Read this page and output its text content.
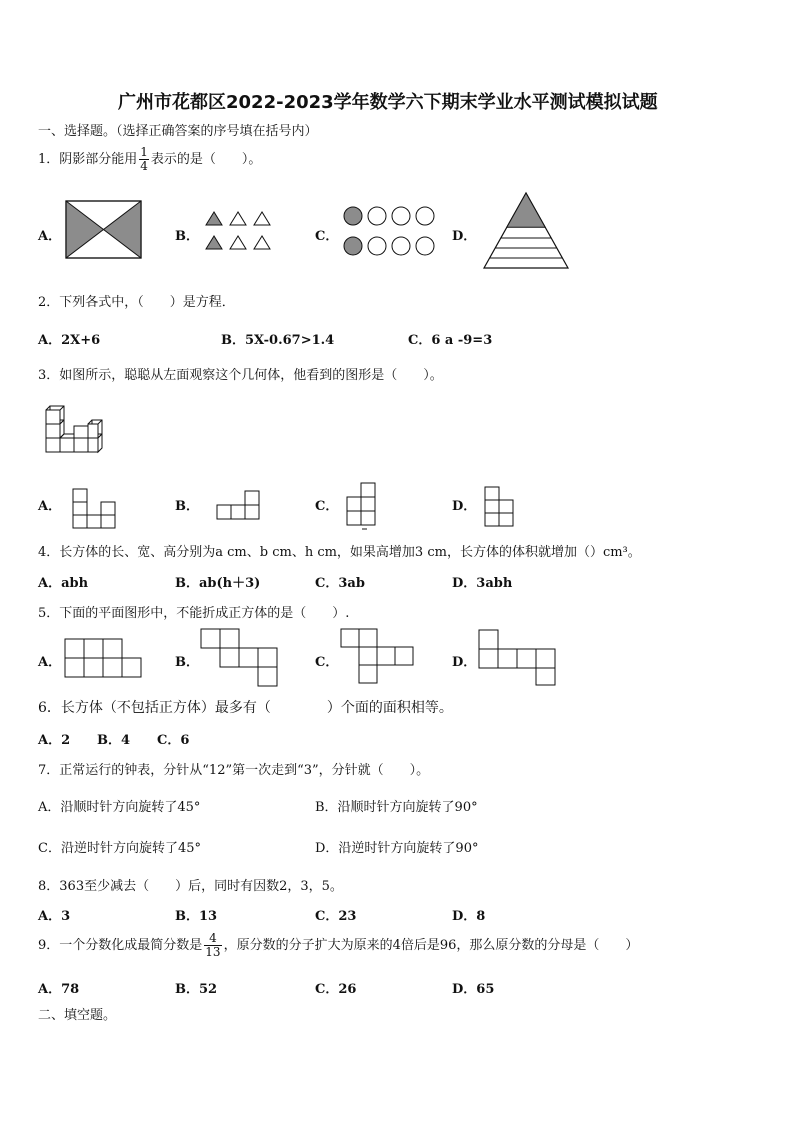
广州市花都区2022-2023学年数学六下期末学业水平测试模拟试题
一、选择题。（选择正确答案的序号填在括号内）
1．阴影部分能用 $\frac{1}{4}$ 表示的是（　　）。
A．	B．	C．	D．
2．下列各式中，（　　）是方程．
A．2X+6	B．5X-0.67>1.4	C．6 a -9=3
3．如图所示，聪聪从左面观察这个几何体，他看到的图形是（　　）。
A．	B．	C．	D．
4．长方体的长、宽、高分别为a cm、b cm、h cm，如果高增加3 cm，长方体的体积就增加（）cm³。
A．abh	B．ab(h＋3)	C．3ab	D．3abh
5．下面的平面图形中，不能折成正方体的是（　　）.
A．	B．	C．	D．
6．长方体（不包括正方体）最多有（　　　　）个面的面积相等。
A．2 B．4 C．6
7．正常运行的钟表，分针从“12”第一次走到“3”，分针就（　　）。
A．沿顺时针方向旋转了45°	B．沿顺时针方向旋转了90°
C．沿逆时针方向旋转了45°	D．沿逆时针方向旋转了90°
8．363至少减去（　　）后，同时有因数2，3，5。
A．3	B．13	C．23	D．8
9．一个分数化成最简分数是 $\frac{4}{13}$ ，原分数的分子扩大为原来的4倍后是96，那么原分数的分母是（　　）
A．78	B．52	C．26	D．65
二、填空题。
